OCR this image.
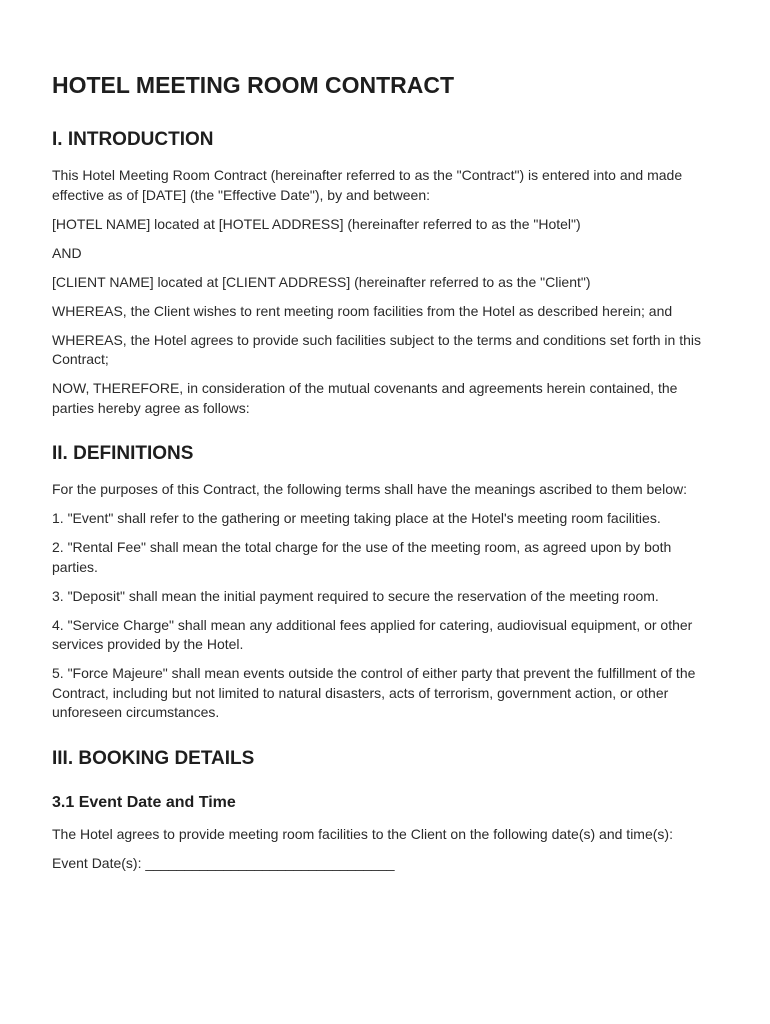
HOTEL MEETING ROOM CONTRACT
I. INTRODUCTION

This Hotel Meeting Room Contract (hereinafter referred to as the "Contract") is entered into and made effective as of [DATE] (the "Effective Date"), by and between:

[HOTEL NAME] located at [HOTEL ADDRESS] (hereinafter referred to as the "Hotel")

AND

[CLIENT NAME] located at [CLIENT ADDRESS] (hereinafter referred to as the "Client")

WHEREAS, the Client wishes to rent meeting room facilities from the Hotel as described herein; and

WHEREAS, the Hotel agrees to provide such facilities subject to the terms and conditions set forth in this Contract;

NOW, THEREFORE, in consideration of the mutual covenants and agreements herein contained, the parties hereby agree as follows:

II. DEFINITIONS

For the purposes of this Contract, the following terms shall have the meanings ascribed to them below:

1. "Event" shall refer to the gathering or meeting taking place at the Hotel's meeting room facilities.

2. "Rental Fee" shall mean the total charge for the use of the meeting room, as agreed upon by both parties.

3. "Deposit" shall mean the initial payment required to secure the reservation of the meeting room.

4. "Service Charge" shall mean any additional fees applied for catering, audiovisual equipment, or other services provided by the Hotel.

5. "Force Majeure" shall mean events outside the control of either party that prevent the fulfillment of the Contract, including but not limited to natural disasters, acts of terrorism, government action, or other unforeseen circumstances.

III. BOOKING DETAILS
3.1 Event Date and Time

The Hotel agrees to provide meeting room facilities to the Client on the following date(s) and time(s):

Event Date(s): ________________________________
